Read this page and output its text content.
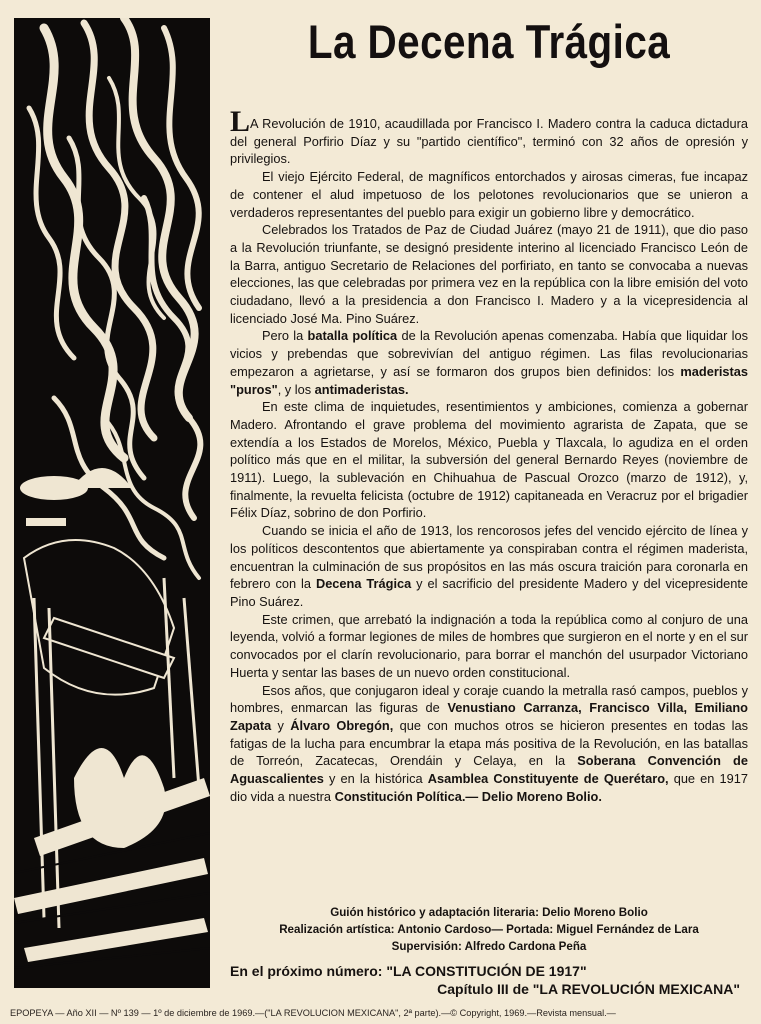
La Decena Trágica

LA Revolución de 1910, acaudillada por Francisco I. Madero contra la caduca dictadura del general Porfirio Díaz y su "partido científico", terminó con 32 años de opresión y privilegios.

El viejo Ejército Federal, de magníficos entorchados y airosas cimeras, fue incapaz de contener el alud impetuoso de los pelotones revolucionarios que se unieron a verdaderos representantes del pueblo para exigir un gobierno libre y democrático.

Celebrados los Tratados de Paz de Ciudad Juárez (mayo 21 de 1911), que dio paso a la Revolución triunfante, se designó presidente interino al licenciado Francisco León de la Barra, antiguo Secretario de Relaciones del porfiriato, en tanto se convocaba a nuevas elecciones, las que celebradas por primera vez en la república con la libre emisión del voto ciudadano, llevó a la presidencia a don Francisco I. Madero y a la vicepresidencia al licenciado José Ma. Pino Suárez.

Pero la batalla política de la Revolución apenas comenzaba. Había que liquidar los vicios y prebendas que sobrevivían del antiguo régimen. Las filas revolucionarias empezaron a agrietarse, y así se formaron dos grupos bien definidos: los maderistas "puros", y los antimaderistas.

En este clima de inquietudes, resentimientos y ambiciones, comienza a gobernar Madero. Afrontando el grave problema del movimiento agrarista de Zapata, que se extendía a los Estados de Morelos, México, Puebla y Tlaxcala, lo agudiza en el orden político más que en el militar, la subversión del general Bernardo Reyes (noviembre de 1911). Luego, la sublevación en Chihuahua de Pascual Orozco (marzo de 1912), y, finalmente, la revuelta felicista (octubre de 1912) capitaneada en Veracruz por el brigadier Félix Díaz, sobrino de don Porfirio.

Cuando se inicia el año de 1913, los rencorosos jefes del vencido ejército de línea y los políticos descontentos que abiertamente ya conspiraban contra el régimen maderista, encuentran la culminación de sus propósitos en las más oscura traición para coronarla en febrero con la Decena Trágica y el sacrificio del presidente Madero y del vicepresidente Pino Suárez.

Este crimen, que arrebató la indignación a toda la república como al conjuro de una leyenda, volvió a formar legiones de miles de hombres que surgieron en el norte y en el sur convocados por el clarín revolucionario, para borrar el manchón del usurpador Victoriano Huerta y sentar las bases de un nuevo orden constitucional.

Esos años, que conjugaron ideal y coraje cuando la metralla rasó campos, pueblos y hombres, enmarcan las figuras de Venustiano Carranza, Francisco Villa, Emiliano Zapata y Álvaro Obregón, que con muchos otros se hicieron presentes en todas las fatigas de la lucha para encumbrar la etapa más positiva de la Revolución, en las batallas de Torreón, Zacatecas, Orendáin y Celaya, en la Soberana Convención de Aguascalientes y en la histórica Asamblea Constituyente de Querétaro, que en 1917 dio vida a nuestra Constitución Política.— Delio Moreno Bolio.

Guión histórico y adaptación literaria: Delio Moreno Bolio
Realización artística: Antonio Cardoso— Portada: Miguel Fernández de Lara
Supervisión: Alfredo Cardona Peña
En el próximo número: "LA CONSTITUCIÓN DE 1917"
Capítulo III de "LA REVOLUCIÓN MEXICANA"
EPOPEYA — Año XII — Nº 139 — 1º de diciembre de 1969.—("LA REVOLUCION MEXICANA", 2ª parte).—© Copyright, 1969.—Revista mensual.—
